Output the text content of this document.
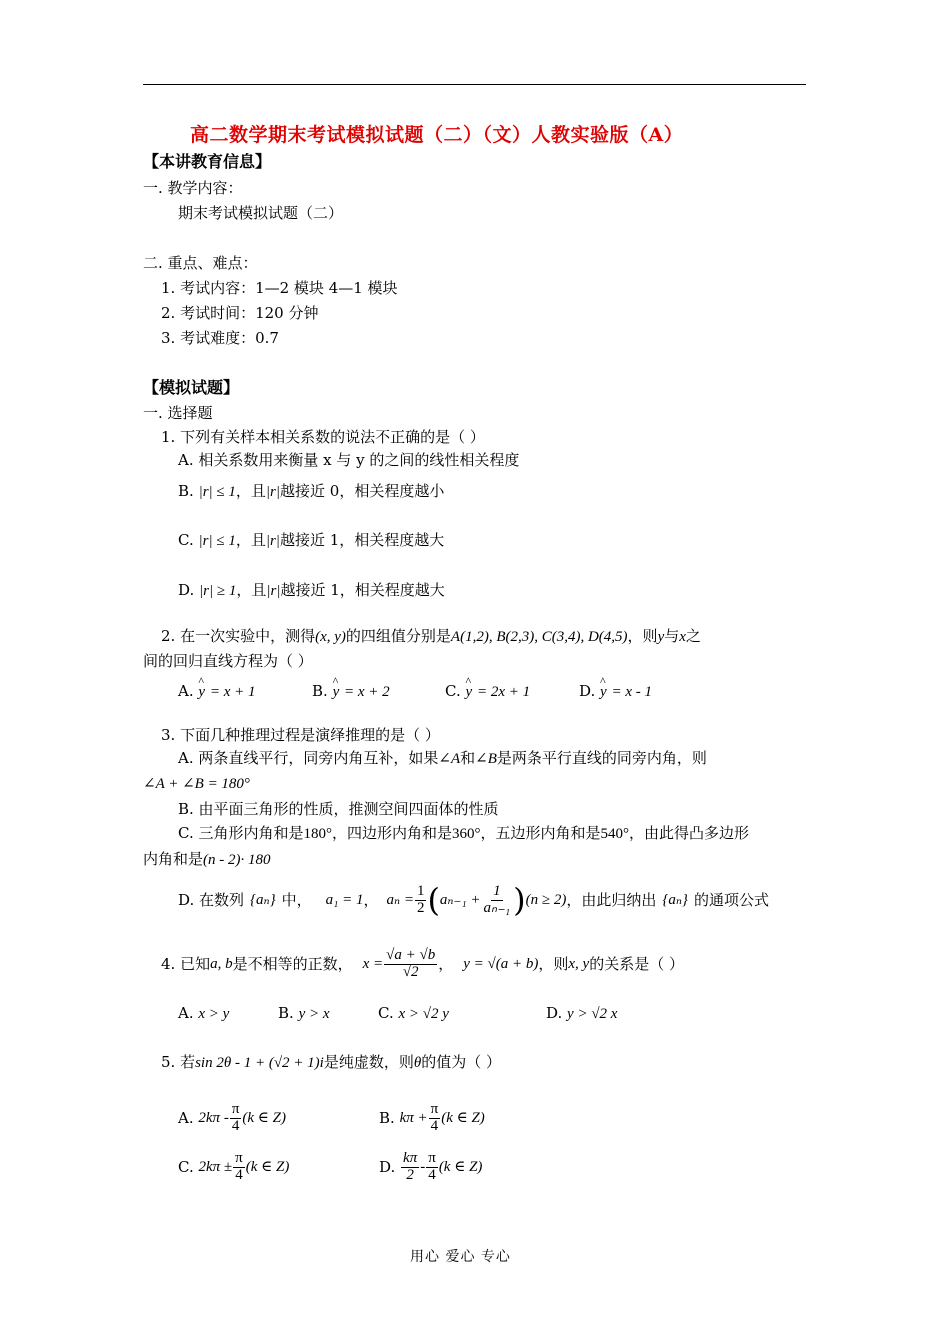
高二数学期末考试模拟试题（二）（文）人教实验版（A）
【本讲教育信息】
一. 教学内容：
期末考试模拟试题（二）
二. 重点、难点：
1. 考试内容：1—2 模块 4—1 模块
2. 考试时间：120 分钟
3. 考试难度：0.7
【模拟试题】
一. 选择题
1. 下列有关样本相关系数的说法不正确的是（ ）
A. 相关系数用来衡量 x 与 y 的之间的线性相关程度
B. |r| ≤ 1，且|r|越接近 0，相关程度越小
C. |r| ≤ 1，且|r|越接近 1，相关程度越大
D. |r| ≥ 1，且|r|越接近 1，相关程度越大
2. 在一次实验中，测得(x, y)的四组值分别是A(1,2), B(2,3), C(3,4), D(4,5)，则y与x之
间的回归直线方程为（ ）
A. ^ y = x + 1	B. ^ y = x + 2	C. ^ y = 2x + 1	D. ^ y = x - 1
3. 下面几种推理过程是演绎推理的是（ ）
A. 两条直线平行，同旁内角互补，如果∠A和∠B是两条平行直线的同旁内角，则
∠A + ∠B = 180°
B. 由平面三角形的性质，推测空间四面体的性质
C. 三角形内角和是180°，四边形内角和是360°，五边形内角和是540°，由此得凸多边形
内角和是(n - 2)· 180
D. 在数列 {aₙ} 中， a₁ = 1 ， $a_n = \frac{1}{2}$ ( $a_{n-1} + \frac{1}{\text{aₙ₋₁}}$ ) (n ≥ 2) ，由此归纳出 {aₙ} 的通项公式
4. 已知 a, b 是不相等的正数， $x = \frac{√a + √b}{√2}$ ， y = √(a + b) ，则 x, y 的关系是（ ）
A. x > y	B. y > x	C. x > √2 y	D. y > √2 x
5. 若sin 2θ - 1 + (√2 + 1)i是纯虚数，则θ的值为（ ）
A.
$2k\pi - \frac{\pi}{4} (k$ ∈ Z)	B.
$k\pi + \frac{\pi}{4} (k$ ∈ Z)
C.
$2k\pi \pm \frac{\pi}{4} (k$ ∈ Z)	D.
$\frac{k\pi}{2} - \frac{\pi}{4} (k$ ∈ Z)
用心 爱心 专心
